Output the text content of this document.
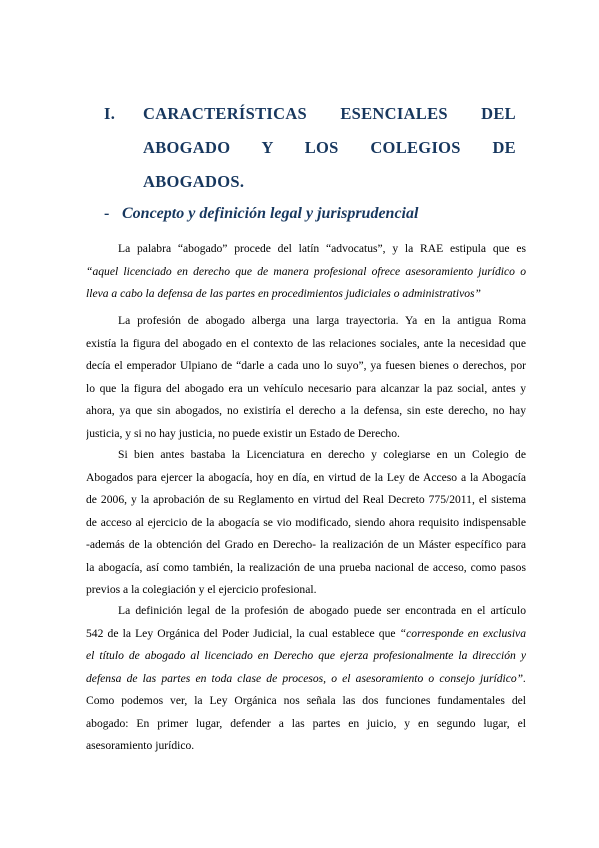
I. CARACTERÍSTICAS ESENCIALES DEL
ABOGADO Y LOS COLEGIOS DE
ABOGADOS.
- Concepto y definición legal y jurisprudencial
La palabra “abogado” procede del latín “advocatus”, y la RAE estipula que es
“aquel licenciado en derecho que de manera profesional ofrece asesoramiento jurídico o
lleva a cabo la defensa de las partes en procedimientos judiciales o administrativos”
La profesión de abogado alberga una larga trayectoria. Ya en la antigua Roma
existía la figura del abogado en el contexto de las relaciones sociales, ante la necesidad que
decía el emperador Ulpiano de “darle a cada uno lo suyo”, ya fuesen bienes o derechos, por
lo que la figura del abogado era un vehículo necesario para alcanzar la paz social, antes y
ahora, ya que sin abogados, no existiría el derecho a la defensa, sin este derecho, no hay
justicia, y si no hay justicia, no puede existir un Estado de Derecho.
Si bien antes bastaba la Licenciatura en derecho y colegiarse en un Colegio de
Abogados para ejercer la abogacía, hoy en día, en virtud de la Ley de Acceso a la Abogacía
de 2006, y la aprobación de su Reglamento en virtud del Real Decreto 775/2011, el sistema
de acceso al ejercicio de la abogacía se vio modificado, siendo ahora requisito indispensable
-además de la obtención del Grado en Derecho- la realización de un Máster específico para
la abogacía, así como también, la realización de una prueba nacional de acceso, como pasos
previos a la colegiación y el ejercicio profesional.
La definición legal de la profesión de abogado puede ser encontrada en el artículo
542 de la Ley Orgánica del Poder Judicial, la cual establece que “corresponde en exclusiva
el título de abogado al licenciado en Derecho que ejerza profesionalmente la dirección y
defensa de las partes en toda clase de procesos, o el asesoramiento o consejo jurídico”.
Como podemos ver, la Ley Orgánica nos señala las dos funciones fundamentales del
abogado: En primer lugar, defender a las partes en juicio, y en segundo lugar, el
asesoramiento jurídico.
